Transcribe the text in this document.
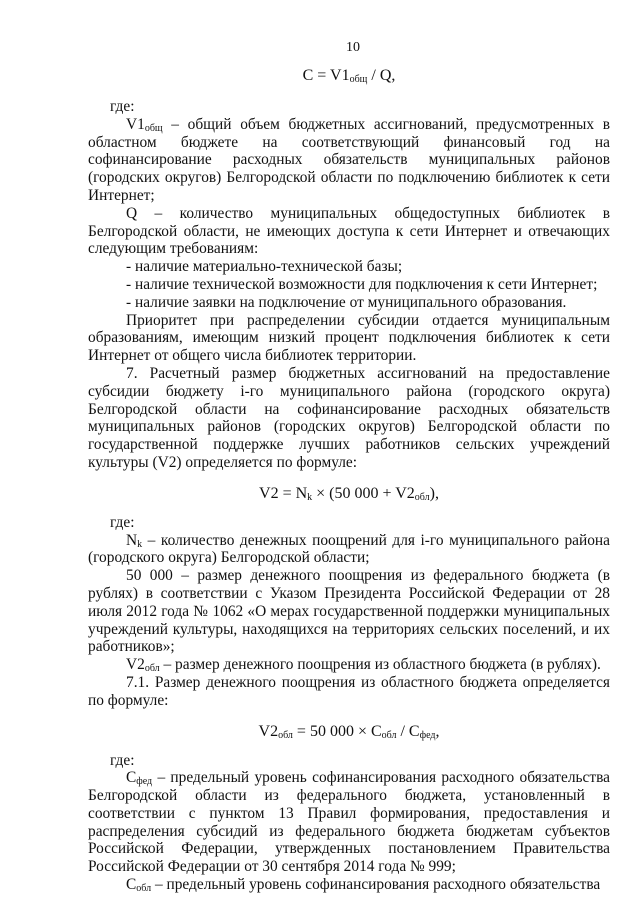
10
$C = V1_{общ} / Q$,

где:

$V1_{общ}$ – общий объем бюджетных ассигнований, предусмотренных в областном бюджете на соответствующий финансовый год на софинансирование расходных обязательств муниципальных районов (городских округов) Белгородской области по подключению библиотек к сети Интернет;

Q – количество муниципальных общедоступных библиотек в Белгородской области, не имеющих доступа к сети Интернет и отвечающих следующим требованиям:

- наличие материально-технической базы;

- наличие технической возможности для подключения к сети Интернет;

- наличие заявки на подключение от муниципального образования.

Приоритет при распределении субсидии отдается муниципальным образованиям, имеющим низкий процент подключения библиотек к сети Интернет от общего числа библиотек территории.

7. Расчетный размер бюджетных ассигнований на предоставление субсидии бюджету i-го муниципального района (городского округа) Белгородской области на софинансирование расходных обязательств муниципальных районов (городских округов) Белгородской области по государственной поддержке лучших работников сельских учреждений культуры (V2) определяется по формуле:

$V2 = N_k \times (50$ $000 + V2_{обл}$),

где:

$N_k$ – количество денежных поощрений для i-го муниципального района (городского округа) Белгородской области;

50 000 – размер денежного поощрения из федерального бюджета (в рублях) в соответствии с Указом Президента Российской Федерации от 28 июля 2012 года № 1062 «О мерах государственной поддержки муниципальных учреждений культуры, находящихся на территориях сельских поселений, и их работников»;

$V2_{обл}$ – размер денежного поощрения из областного бюджета (в рублях).

7.1. Размер денежного поощрения из областного бюджета определяется по формуле:

$V2_{обл} = 50$ $000 \times C_{обл} / C_{фед}$,

где:

$C_{фед}$ – предельный уровень софинансирования расходного обязательства Белгородской области из федерального бюджета, установленный в соответствии с пунктом 13 Правил формирования, предоставления и распределения субсидий из федерального бюджета бюджетам субъектов Российской Федерации, утвержденных постановлением Правительства Российской Федерации от 30 сентября 2014 года № 999;

$C_{обл}$ – предельный уровень софинансирования расходного обязательства
